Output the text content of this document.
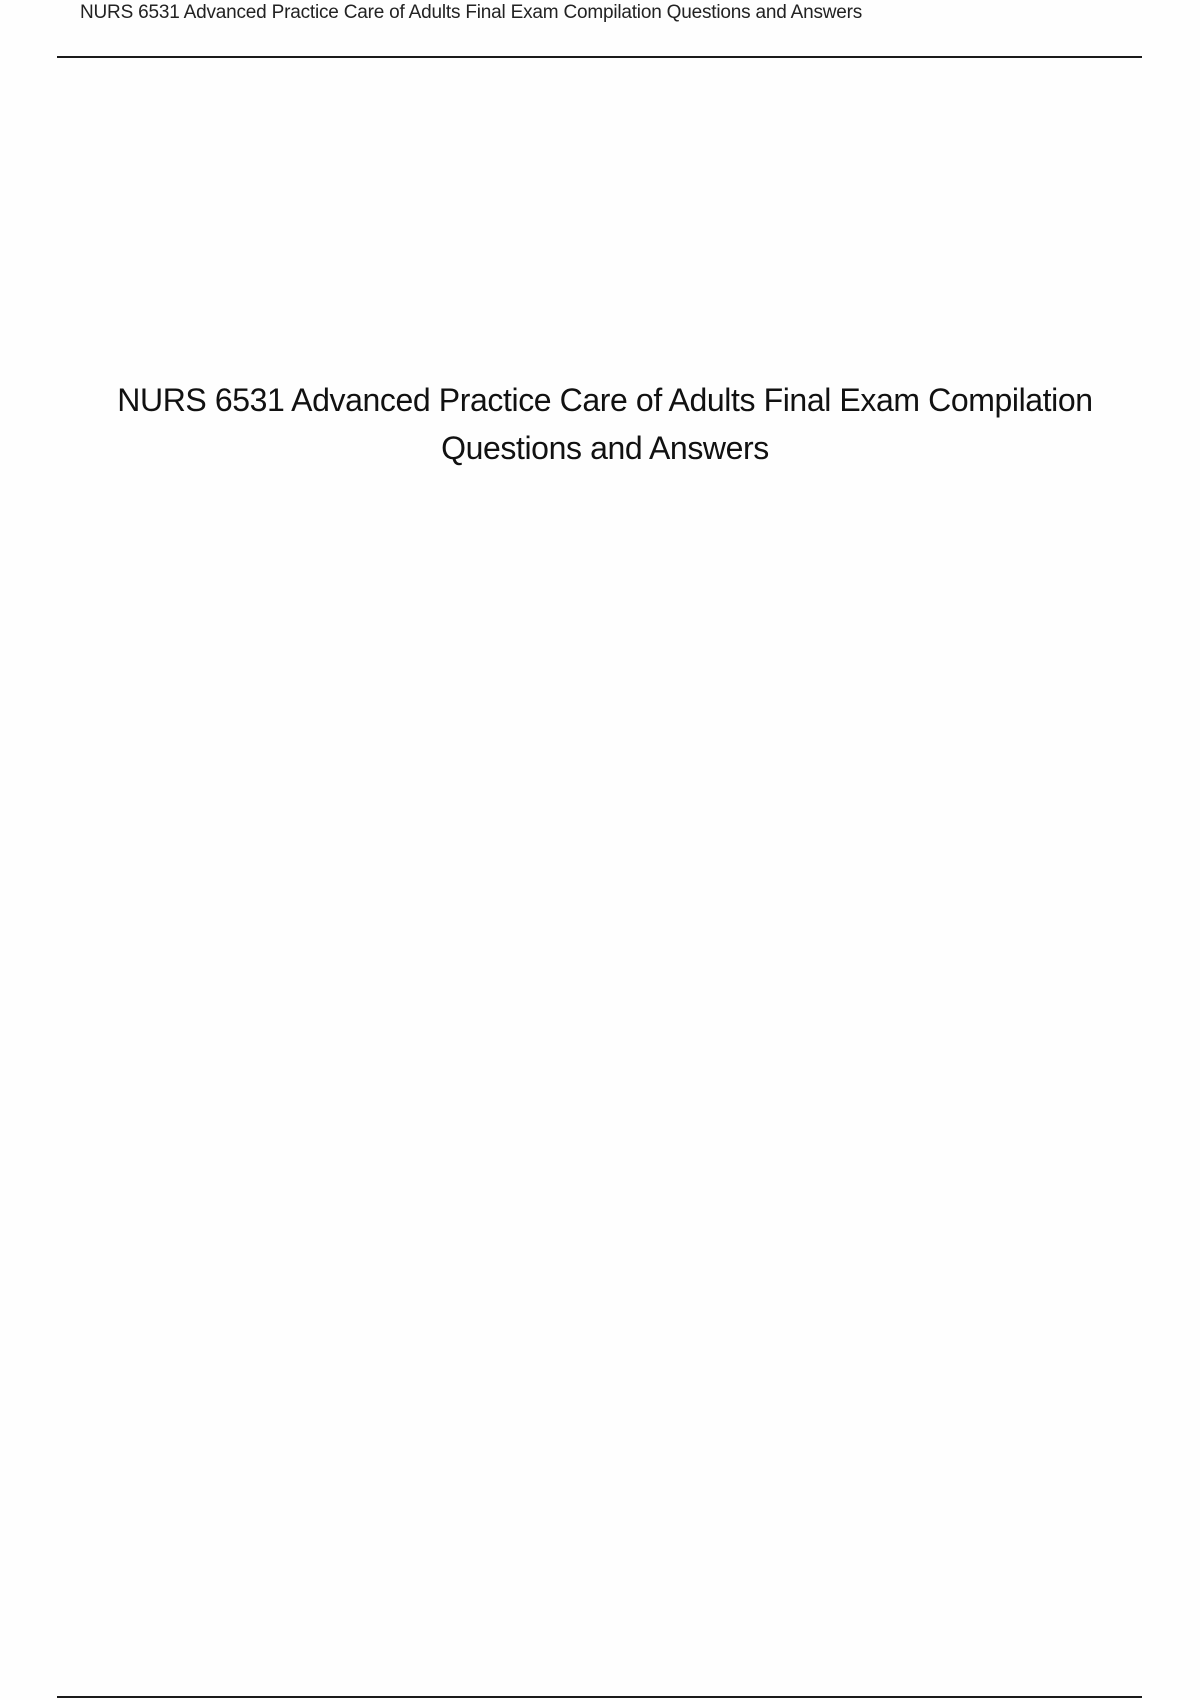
NURS 6531 Advanced Practice Care of Adults Final Exam Compilation Questions and Answers
NURS 6531 Advanced Practice Care of Adults Final Exam Compilation Questions and Answers
